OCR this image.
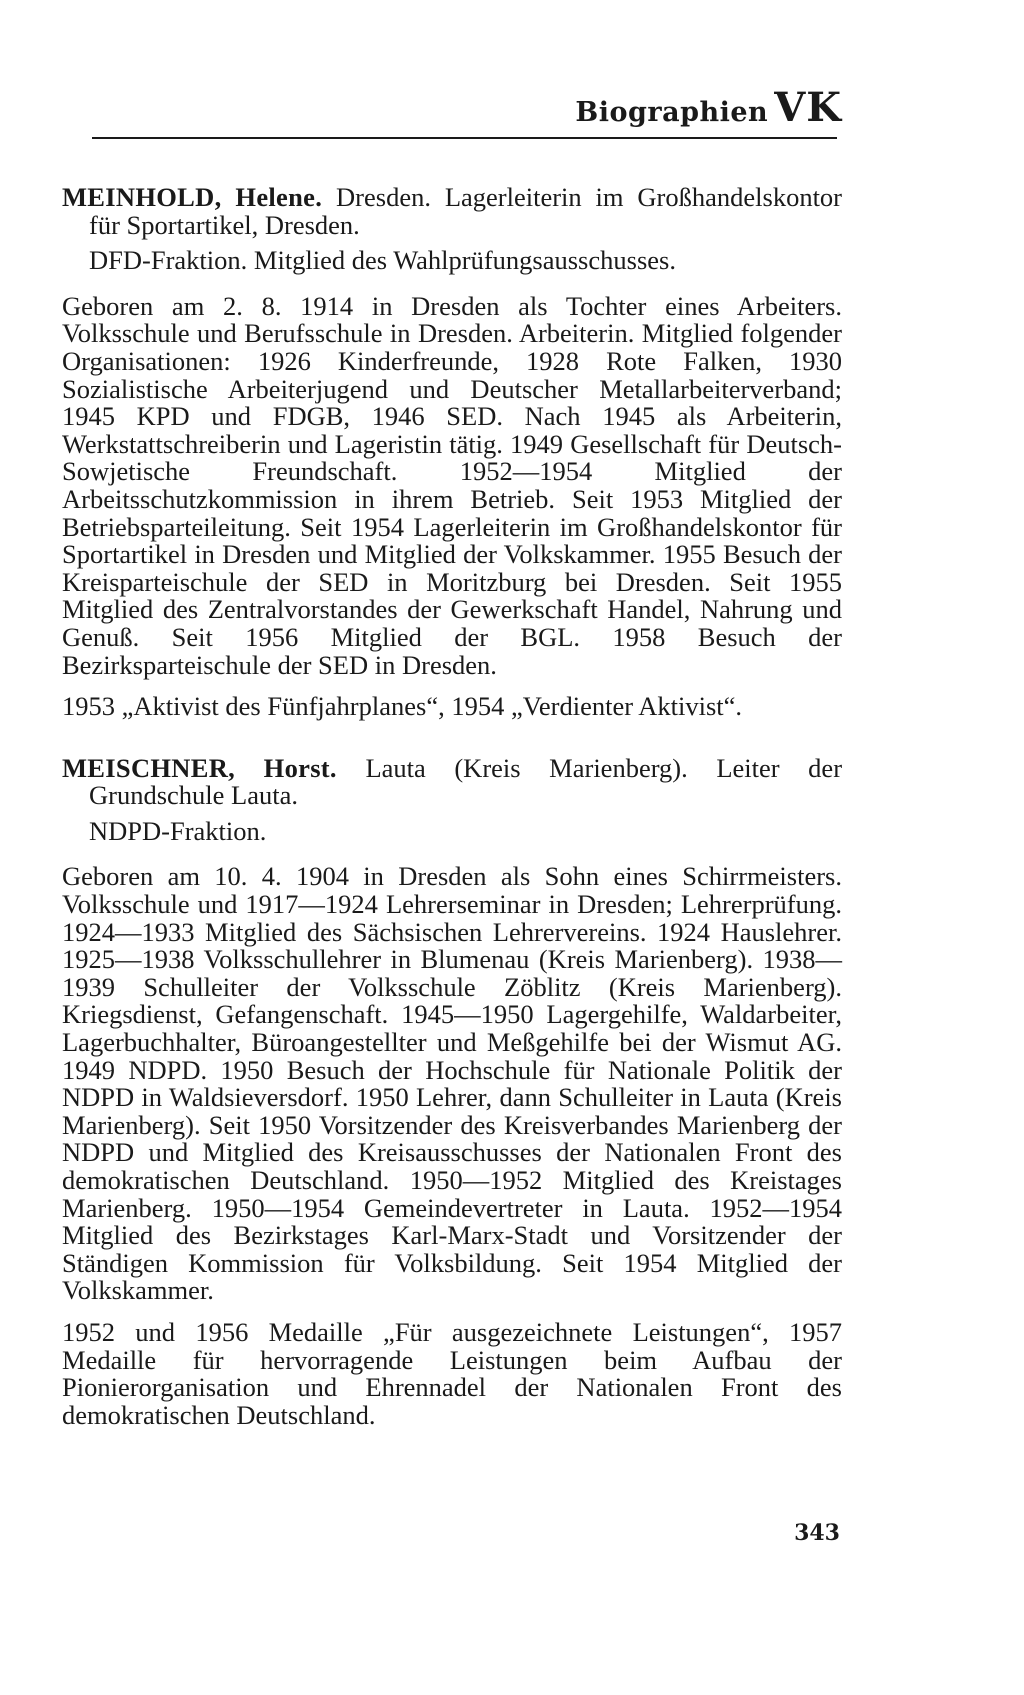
Biographien VK

MEINHOLD, Helene. Dresden. Lagerleiterin im Großhandelskontor für Sportartikel, Dresden.

DFD-Fraktion. Mitglied des Wahlprüfungsausschusses.

Geboren am 2. 8. 1914 in Dresden als Tochter eines Arbeiters. Volksschule und Berufsschule in Dresden. Arbeiterin. Mitglied folgender Organisationen: 1926 Kinderfreunde, 1928 Rote Falken, 1930 Sozialistische Arbeiterjugend und Deutscher Metallarbeiterverband; 1945 KPD und FDGB, 1946 SED. Nach 1945 als Arbeiterin, Werkstattschreiberin und Lageristin tätig. 1949 Gesellschaft für Deutsch-Sowjetische Freundschaft. 1952—1954 Mitglied der Arbeitsschutzkommission in ihrem Betrieb. Seit 1953 Mitglied der Betriebsparteileitung. Seit 1954 Lagerleiterin im Großhandelskontor für Sportartikel in Dresden und Mitglied der Volkskammer. 1955 Besuch der Kreisparteischule der SED in Moritzburg bei Dresden. Seit 1955 Mitglied des Zentralvorstandes der Gewerkschaft Handel, Nahrung und Genuß. Seit 1956 Mitglied der BGL. 1958 Besuch der Bezirksparteischule der SED in Dresden.

1953 „Aktivist des Fünfjahrplanes“, 1954 „Verdienter Aktivist“.

MEISCHNER, Horst. Lauta (Kreis Marienberg). Leiter der Grundschule Lauta.

NDPD-Fraktion.

Geboren am 10. 4. 1904 in Dresden als Sohn eines Schirrmeisters. Volksschule und 1917—1924 Lehrerseminar in Dresden; Lehrerprüfung. 1924—1933 Mitglied des Sächsischen Lehrervereins. 1924 Hauslehrer. 1925—1938 Volksschullehrer in Blumenau (Kreis Marienberg). 1938—1939 Schulleiter der Volksschule Zöblitz (Kreis Marienberg). Kriegsdienst, Gefangenschaft. 1945—1950 Lagergehilfe, Waldarbeiter, Lagerbuchhalter, Büroangestellter und Meßgehilfe bei der Wismut AG. 1949 NDPD. 1950 Besuch der Hochschule für Nationale Politik der NDPD in Waldsieversdorf. 1950 Lehrer, dann Schulleiter in Lauta (Kreis Marienberg). Seit 1950 Vorsitzender des Kreisverbandes Marienberg der NDPD und Mitglied des Kreisausschusses der Nationalen Front des demokratischen Deutschland. 1950—1952 Mitglied des Kreistages Marienberg. 1950—1954 Gemeindevertreter in Lauta. 1952—1954 Mitglied des Bezirkstages Karl-Marx-Stadt und Vorsitzender der Ständigen Kommission für Volksbildung. Seit 1954 Mitglied der Volkskammer.

1952 und 1956 Medaille „Für ausgezeichnete Leistungen“, 1957 Medaille für hervorragende Leistungen beim Aufbau der Pionierorganisation und Ehrennadel der Nationalen Front des demokratischen Deutschland.

343
